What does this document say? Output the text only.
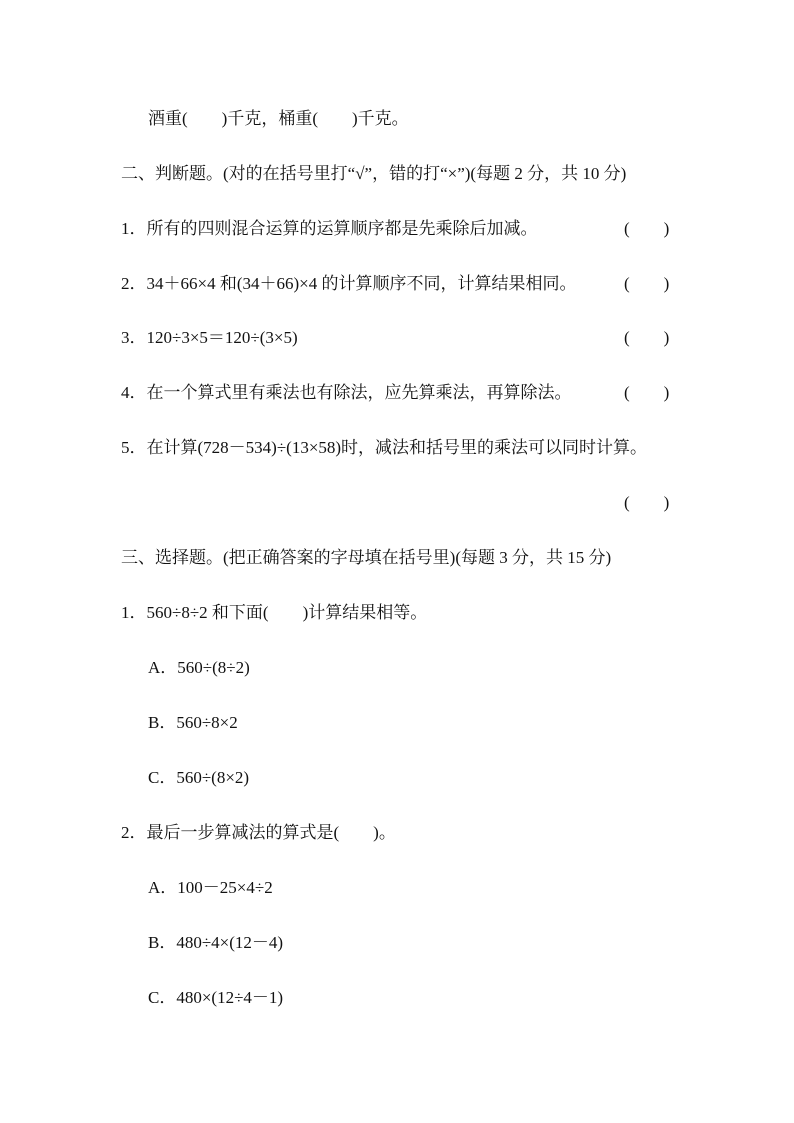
酒重(　　)千克，桶重(　　)千克。
二、判断题。(对的在括号里打“√”，错的打“×”)(每题 2 分，共 10 分)
1．所有的四则混合运算的运算顺序都是先乘除后加减。	(　　)
2．34＋66×4 和(34＋66)×4 的计算顺序不同，计算结果相同。	(　　)
3．120÷3×5＝120÷(3×5)	(　　)
4．在一个算式里有乘法也有除法，应先算乘法，再算除法。	(　　)
5．在计算(728－534)÷(13×58)时，减法和括号里的乘法可以同时计算。
(　　)
三、选择题。(把正确答案的字母填在括号里)(每题 3 分，共 15 分)
1．560÷8÷2 和下面(　　)计算结果相等。
A．560÷(8÷2)
B．560÷8×2
C．560÷(8×2)
2．最后一步算减法的算式是(　　)。
A．100－25×4÷2
B．480÷4×(12－4)
C．480×(12÷4－1)
